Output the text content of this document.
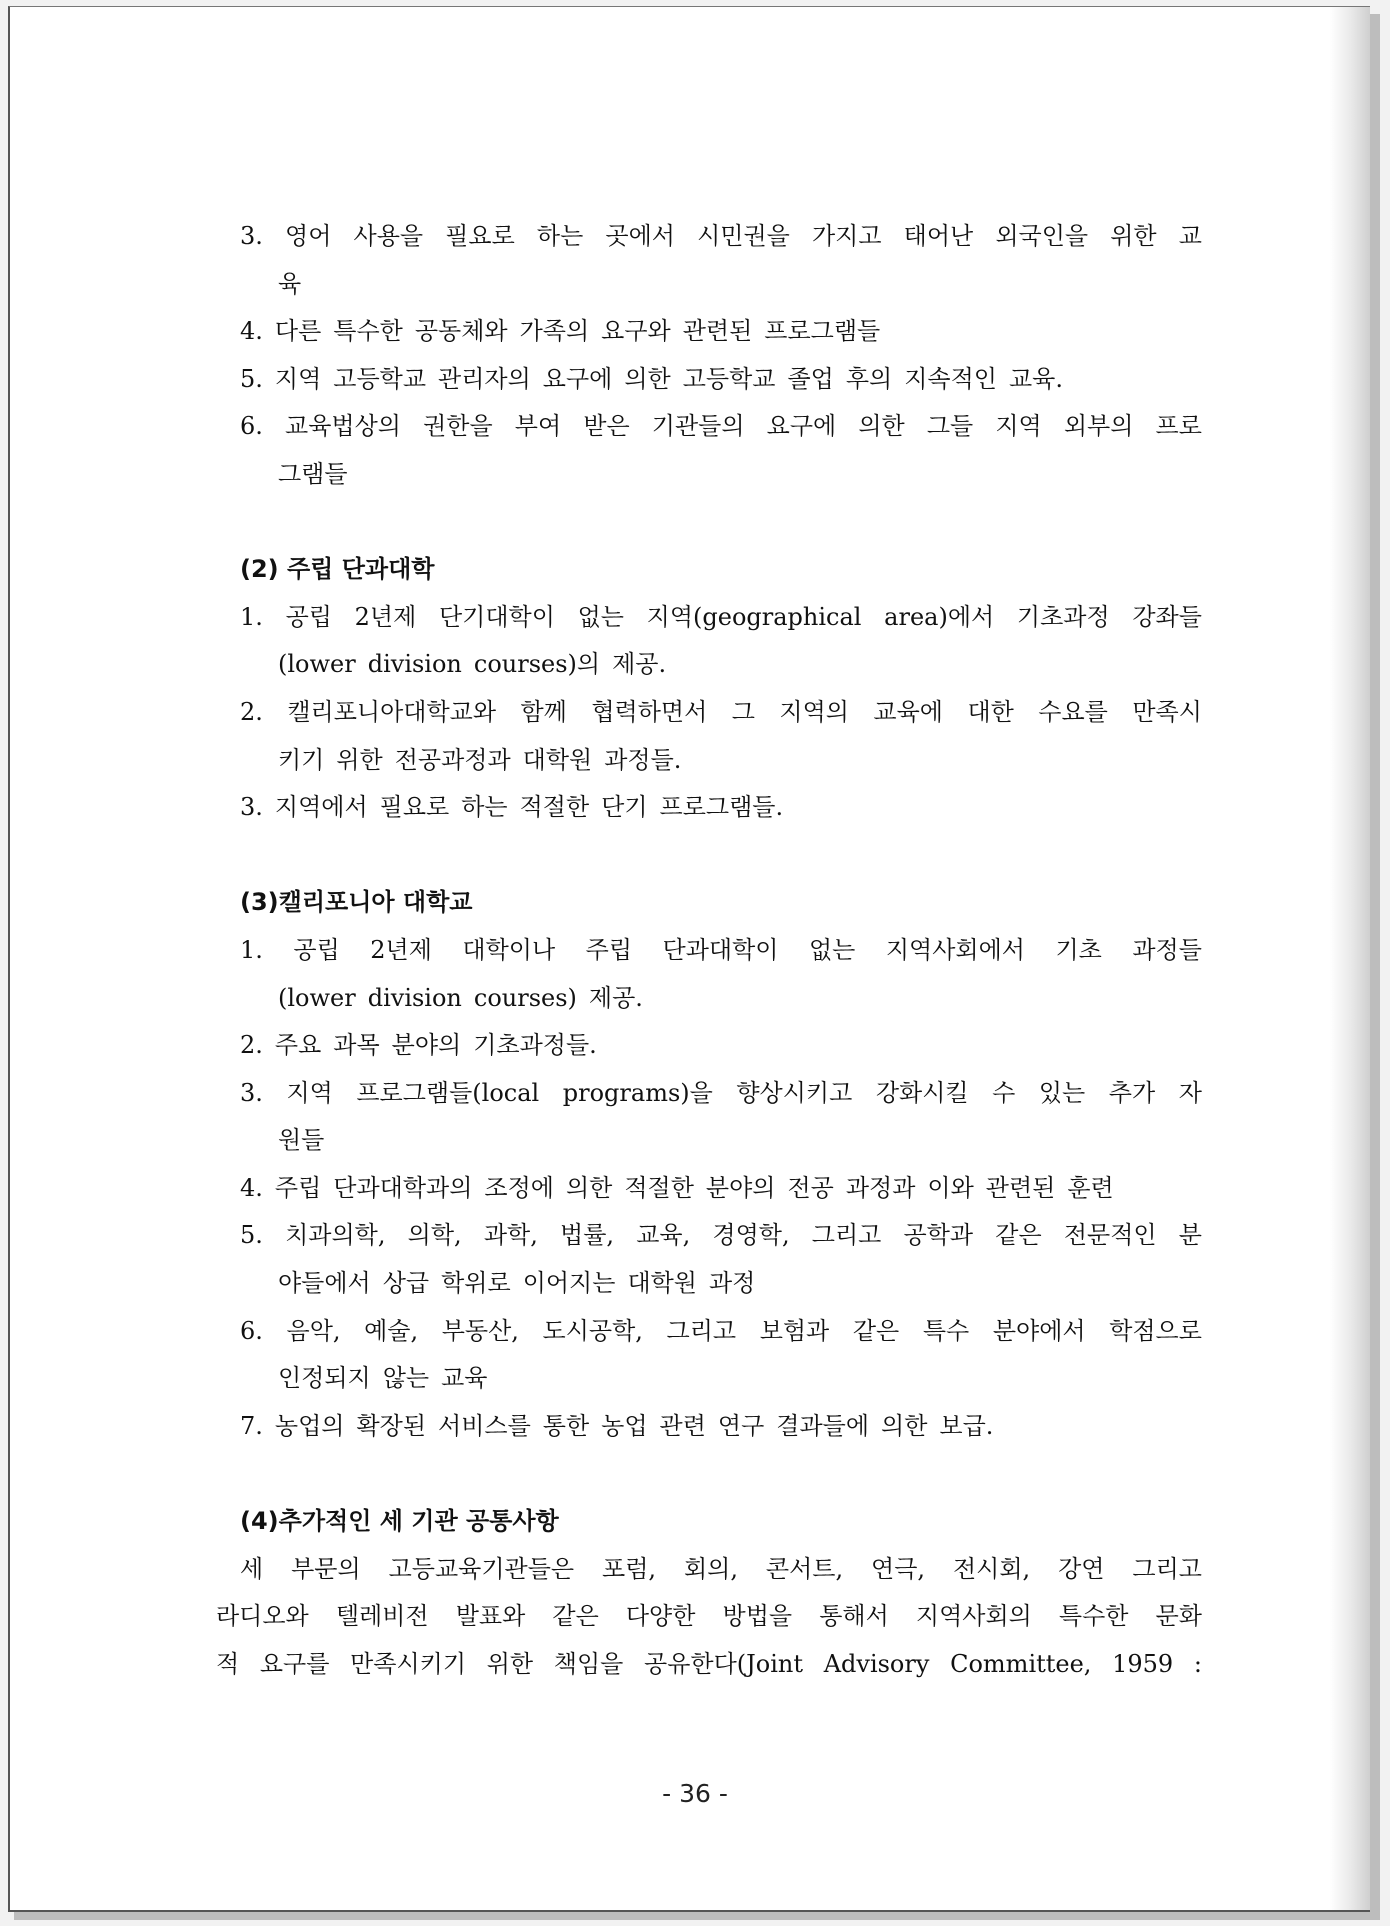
3. 영어 사용을 필요로 하는 곳에서 시민권을 가지고 태어난 외국인을 위한 교
육
4. 다른 특수한 공동체와 가족의 요구와 관련된 프로그램들
5. 지역 고등학교 관리자의 요구에 의한 고등학교 졸업 후의 지속적인 교육.
6. 교육법상의 권한을 부여 받은 기관들의 요구에 의한 그들 지역 외부의 프로
그램들
(2) 주립 단과대학
1. 공립 2년제 단기대학이 없는 지역(geographical area)에서 기초과정 강좌들
(lower division courses)의 제공.
2. 캘리포니아대학교와 함께 협력하면서 그 지역의 교육에 대한 수요를 만족시
키기 위한 전공과정과 대학원 과정들.
3. 지역에서 필요로 하는 적절한 단기 프로그램들.
(3)캘리포니아 대학교
1. 공립 2년제 대학이나 주립 단과대학이 없는 지역사회에서 기초 과정들
(lower division courses) 제공.
2. 주요 과목 분야의 기초과정들.
3. 지역 프로그램들(local programs)을 향상시키고 강화시킬 수 있는 추가 자
원들
4. 주립 단과대학과의 조정에 의한 적절한 분야의 전공 과정과 이와 관련된 훈련
5. 치과의학, 의학, 과학, 법률, 교육, 경영학, 그리고 공학과 같은 전문적인 분
야들에서 상급 학위로 이어지는 대학원 과정
6. 음악, 예술, 부동산, 도시공학, 그리고 보험과 같은 특수 분야에서 학점으로
인정되지 않는 교육
7. 농업의 확장된 서비스를 통한 농업 관련 연구 결과들에 의한 보급.
(4)추가적인 세 기관 공통사항
세 부문의 고등교육기관들은 포럼, 회의, 콘서트, 연극, 전시회, 강연 그리고
라디오와 텔레비전 발표와 같은 다양한 방법을 통해서 지역사회의 특수한 문화
적 요구를 만족시키기 위한 책임을 공유한다(Joint Advisory Committee, 1959 :
- 36 -
